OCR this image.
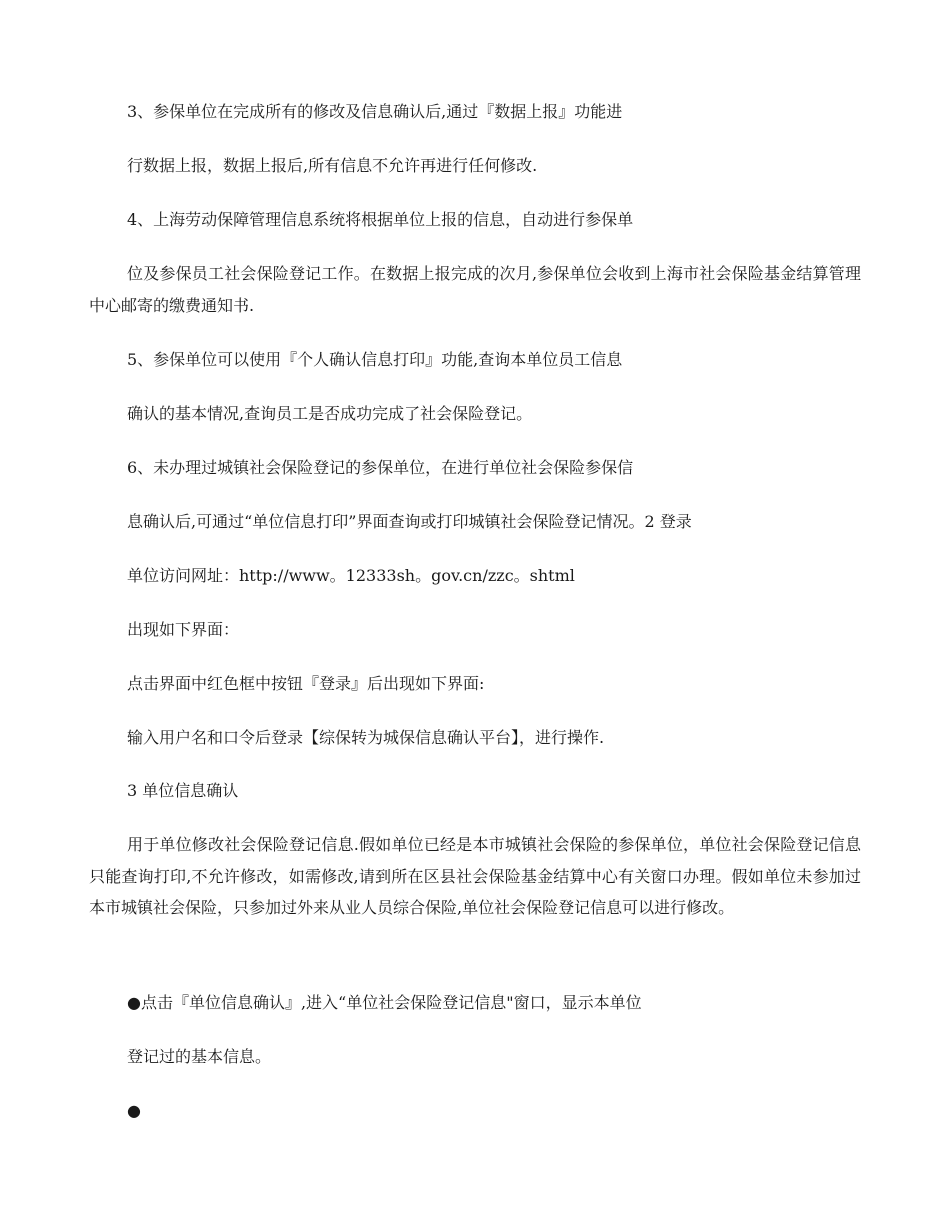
3、参保单位在完成所有的修改及信息确认后,通过『数据上报』功能进
行数据上报，数据上报后,所有信息不允许再进行任何修改.
4、上海劳动保障管理信息系统将根据单位上报的信息，自动进行参保单
位及参保员工社会保险登记工作。在数据上报完成的次月,参保单位会收到上海市社会保险基金结算管理中心邮寄的缴费通知书.
5、参保单位可以使用『个人确认信息打印』功能,查询本单位员工信息
确认的基本情况,查询员工是否成功完成了社会保险登记。
6、未办理过城镇社会保险登记的参保单位，在进行单位社会保险参保信
息确认后,可通过“单位信息打印”界面查询或打印城镇社会保险登记情况。2 登录
单位访问网址：http://www。12333sh。gov.cn/zzc。shtml
出现如下界面：
点击界面中红色框中按钮『登录』后出现如下界面:
输入用户名和口令后登录【综保转为城保信息确认平台】，进行操作.
3 单位信息确认
用于单位修改社会保险登记信息.假如单位已经是本市城镇社会保险的参保单位，单位社会保险登记信息只能查询打印,不允许修改，如需修改,请到所在区县社会保险基金结算中心有关窗口办理。假如单位未参加过本市城镇社会保险，只参加过外来从业人员综合保险,单位社会保险登记信息可以进行修改。
●点击『单位信息确认』,进入“单位社会保险登记信息"窗口，显示本单位
登记过的基本信息。
●
